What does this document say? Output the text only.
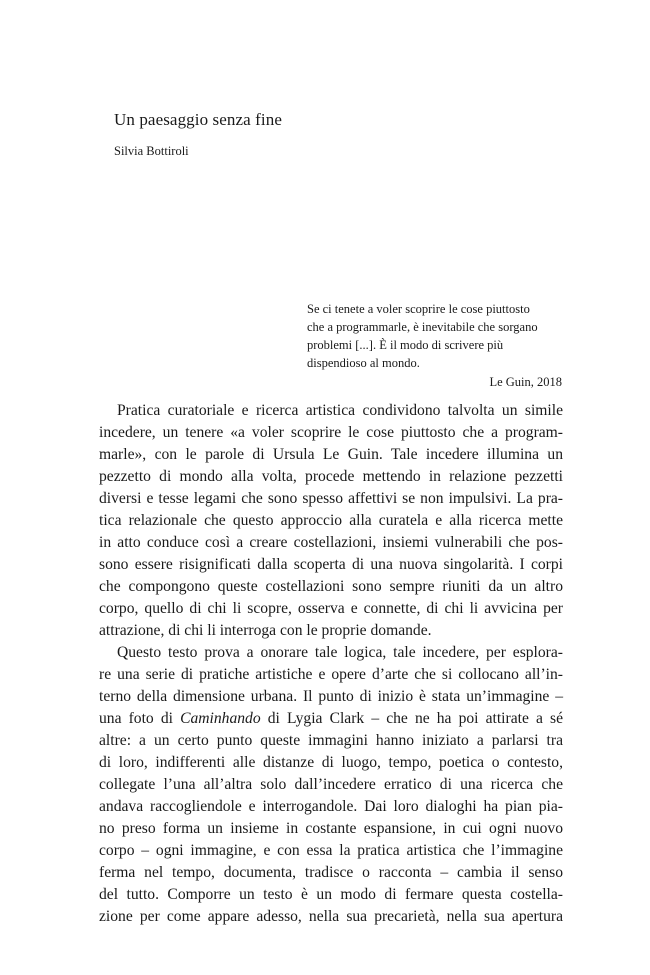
Un paesaggio senza fine

Silvia Bottiroli

Se ci tenete a voler scoprire le cose piuttosto
che a programmarle, è inevitabile che sorgano
problemi [...]. È il modo di scrivere più
dispendioso al mondo.
Le Guin, 2018
Pratica curatoriale e ricerca artistica condividono talvolta un simile
incedere, un tenere «a voler scoprire le cose piuttosto che a program-
marle», con le parole di Ursula Le Guin. Tale incedere illumina un
pezzetto di mondo alla volta, procede mettendo in relazione pezzetti
diversi e tesse legami che sono spesso affettivi se non impulsivi. La pra-
tica relazionale che questo approccio alla curatela e alla ricerca mette
in atto conduce così a creare costellazioni, insiemi vulnerabili che pos-
sono essere risignificati dalla scoperta di una nuova singolarità. I corpi
che compongono queste costellazioni sono sempre riuniti da un altro
corpo, quello di chi li scopre, osserva e connette, di chi li avvicina per
attrazione, di chi li interroga con le proprie domande.
Questo testo prova a onorare tale logica, tale incedere, per esplora-
re una serie di pratiche artistiche e opere d’arte che si collocano all’in-
terno della dimensione urbana. Il punto di inizio è stata un’immagine –
una foto di Caminhando di Lygia Clark – che ne ha poi attirate a sé
altre: a un certo punto queste immagini hanno iniziato a parlarsi tra
di loro, indifferenti alle distanze di luogo, tempo, poetica o contesto,
collegate l’una all’altra solo dall’incedere erratico di una ricerca che
andava raccogliendole e interrogandole. Dai loro dialoghi ha pian pia-
no preso forma un insieme in costante espansione, in cui ogni nuovo
corpo – ogni immagine, e con essa la pratica artistica che l’immagine
ferma nel tempo, documenta, tradisce o racconta – cambia il senso
del tutto. Comporre un testo è un modo di fermare questa costella-
zione per come appare adesso, nella sua precarietà, nella sua apertura
